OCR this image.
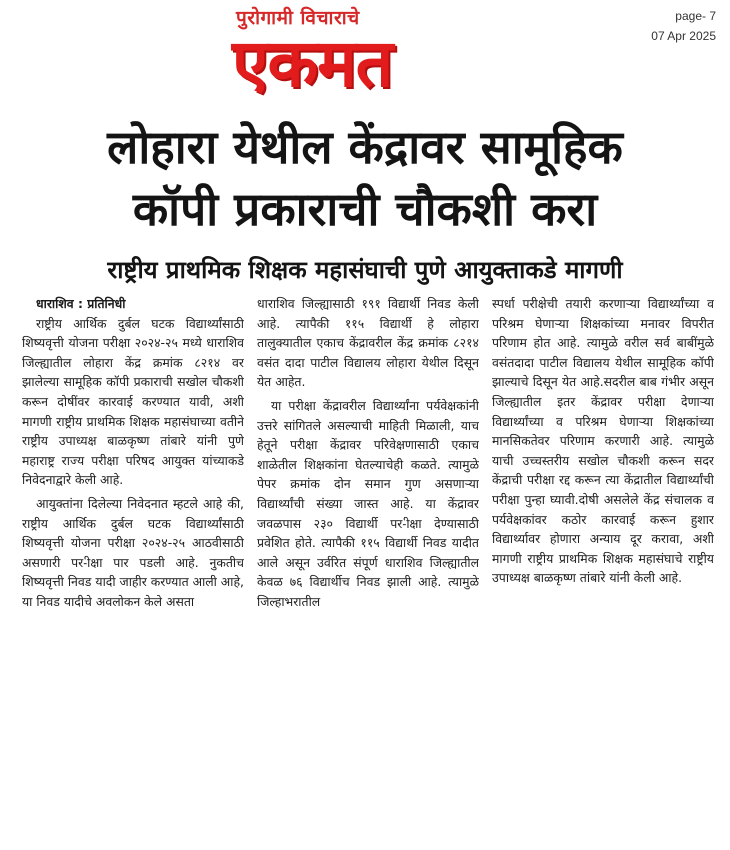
पुरोगामी विचाराचे
एकमत
page- 7
07 Apr 2025
लोहारा येथील केंद्रावर सामूहिक
कॉपी प्रकाराची चौकशी करा
राष्ट्रीय प्राथमिक शिक्षक महासंघाची पुणे आयुक्ताकडे मागणी
धाराशिव : प्रतिनिधी

राष्ट्रीय आर्थिक दुर्बल घटक विद्यार्थ्यांसाठी शिष्यवृत्ती योजना परीक्षा २०२४-२५ मध्ये धाराशिव जिल्ह्यातील लोहारा केंद्र क्रमांक ८२१४ वर झालेल्या सामूहिक कॉपी प्रकाराची सखोल चौकशी करून दोषींवर कारवाई करण्यात यावी, अशी मागणी राष्ट्रीय प्राथमिक शिक्षक महासंघाच्या वतीने राष्ट्रीय उपाध्यक्ष बाळकृष्ण तांबारे यांनी पुणे महाराष्ट्र राज्य परीक्षा परिषद आयुक्त यांच्याकडे निवेदनाद्वारे केली आहे.

आयुक्तांना दिलेल्या निवेदनात म्हटले आहे की, राष्ट्रीय आर्थिक दुर्बल घटक विद्यार्थ्यांसाठी शिष्यवृत्ती योजना परीक्षा २०२४-२५ आठवीसाठी असणारी पर-ीक्षा पार पडली आहे. नुकतीच शिष्यवृत्ती निवड यादी जाहीर करण्यात आली आहे, या निवड यादीचे अवलोकन केले असता

धाराशिव जिल्ह्यासाठी १९१ विद्यार्थी निवड केली आहे. त्यापैकी ११५ विद्यार्थी हे लोहारा तालुक्यातील एकाच केंद्रावरील केंद्र क्रमांक ८२१४ वसंत दादा पाटील विद्यालय लोहारा येथील दिसून येत आहेत.

या परीक्षा केंद्रावरील विद्यार्थ्यांना पर्यवेक्षकांनी उत्तरे सांगितले असल्याची माहिती मिळाली, याच हेतूने परीक्षा केंद्रावर परिवेक्षणासाठी एकाच शाळेतील शिक्षकांना घेतल्याचेही कळते. त्यामुळे पेपर क्रमांक दोन समान गुण असणाऱ्या विद्यार्थ्यांची संख्या जास्त आहे. या केंद्रावर जवळपास २३० विद्यार्थी पर-ीक्षा देण्यासाठी प्रवेशित होते. त्यापैकी ११५ विद्यार्थी निवड यादीत आले असून उर्वरित संपूर्ण धाराशिव जिल्ह्यातील केवळ ७६ विद्यार्थीच निवड झाली आहे. त्यामुळे जिल्हाभरातील

स्पर्धा परीक्षेची तयारी करणाऱ्या विद्यार्थ्यांच्या व परिश्रम घेणाऱ्या शिक्षकांच्या मनावर विपरीत परिणाम होत आहे. त्यामुळे वरील सर्व बाबींमुळे वसंतदादा पाटील विद्यालय येथील सामूहिक कॉपी झाल्याचे दिसून येत आहे.सदरील बाब गंभीर असून जिल्ह्यातील इतर केंद्रावर परीक्षा देणाऱ्या विद्यार्थ्यांच्या व परिश्रम घेणाऱ्या शिक्षकांच्या मानसिकतेवर परिणाम करणारी आहे. त्यामुळे याची उच्चस्तरीय सखोल चौकशी करून सदर केंद्राची परीक्षा रद्द करून त्या केंद्रातील विद्यार्थ्यांची परीक्षा पुन्हा घ्यावी.दोषी असलेले केंद्र संचालक व पर्यवेक्षकांवर कठोर कारवाई करून हुशार विद्यार्थ्यावर होणारा अन्याय दूर करावा, अशी मागणी राष्ट्रीय प्राथमिक शिक्षक महासंघाचे राष्ट्रीय उपाध्यक्ष बाळकृष्ण तांबारे यांनी केली आहे.
